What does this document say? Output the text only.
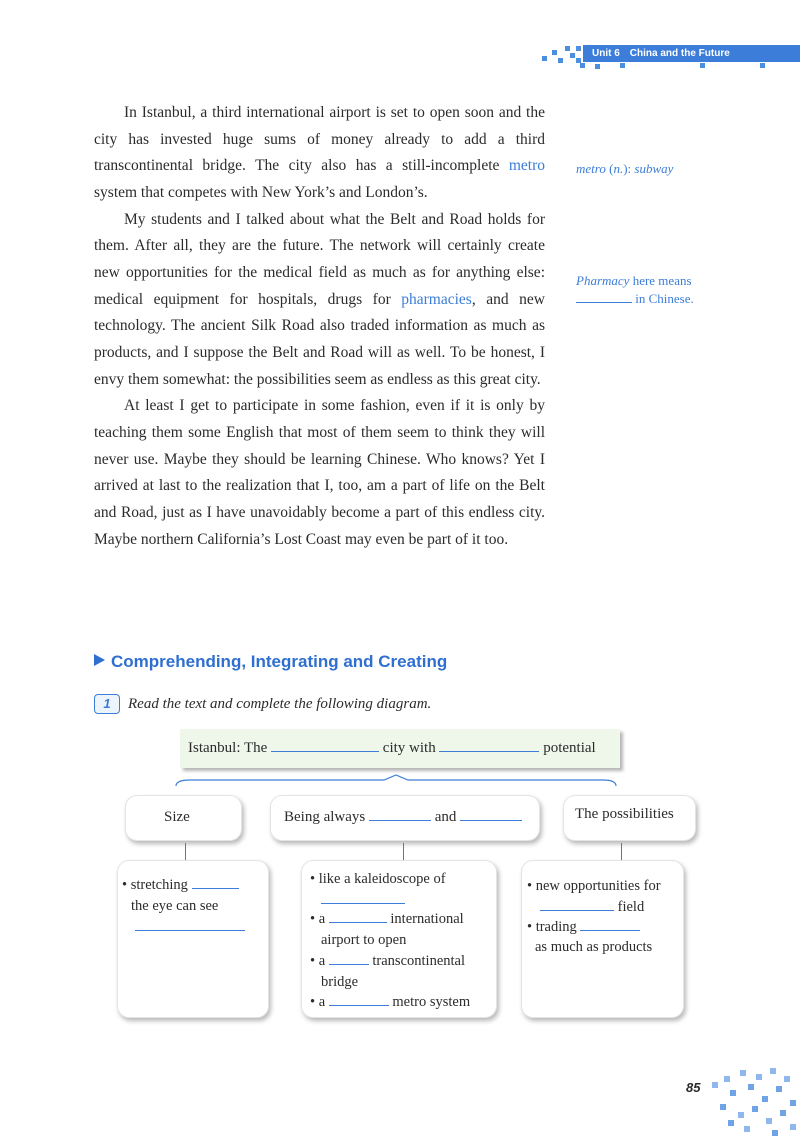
Unit 6 China and the Future

In Istanbul, a third international airport is set to open soon and the city has invested huge sums of money already to add a third transcontinental bridge. The city also has a still-incomplete metro system that competes with New York’s and London’s.

My students and I talked about what the Belt and Road holds for them. After all, they are the future. The network will certainly create new opportunities for the medical field as much as for anything else: medical equipment for hospitals, drugs for pharmacies, and new technology. The ancient Silk Road also traded information as much as products, and I suppose the Belt and Road will as well. To be honest, I envy them somewhat: the possibilities seem as endless as this great city.

At least I get to participate in some fashion, even if it is only by teaching them some English that most of them seem to think they will never use. Maybe they should be learning Chinese. Who knows? Yet I arrived at last to the realization that I, too, am a part of life on the Belt and Road, just as I have unavoidably become a part of this endless city. Maybe northern California’s Lost Coast may even be part of it too.

metro (n.): subway
Pharmacy here means
in Chinese.
Comprehending, Integrating and Creating
1	Read the text and complete the following diagram.
Istanbul: The	city with	potential
Size	Being always	and	The possibilities
• stretching
the eye can see
• like a kaleidoscope of
• a	international
airport to open
• a	transcontinental
bridge
• a	metro system
• new opportunities for
field
• trading
as much as products
85
